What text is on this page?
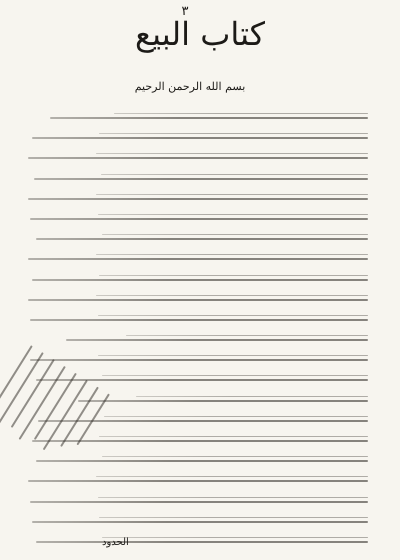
٣
كتاب البيع
بسم الله الرحمن الرحيم
الحدود
